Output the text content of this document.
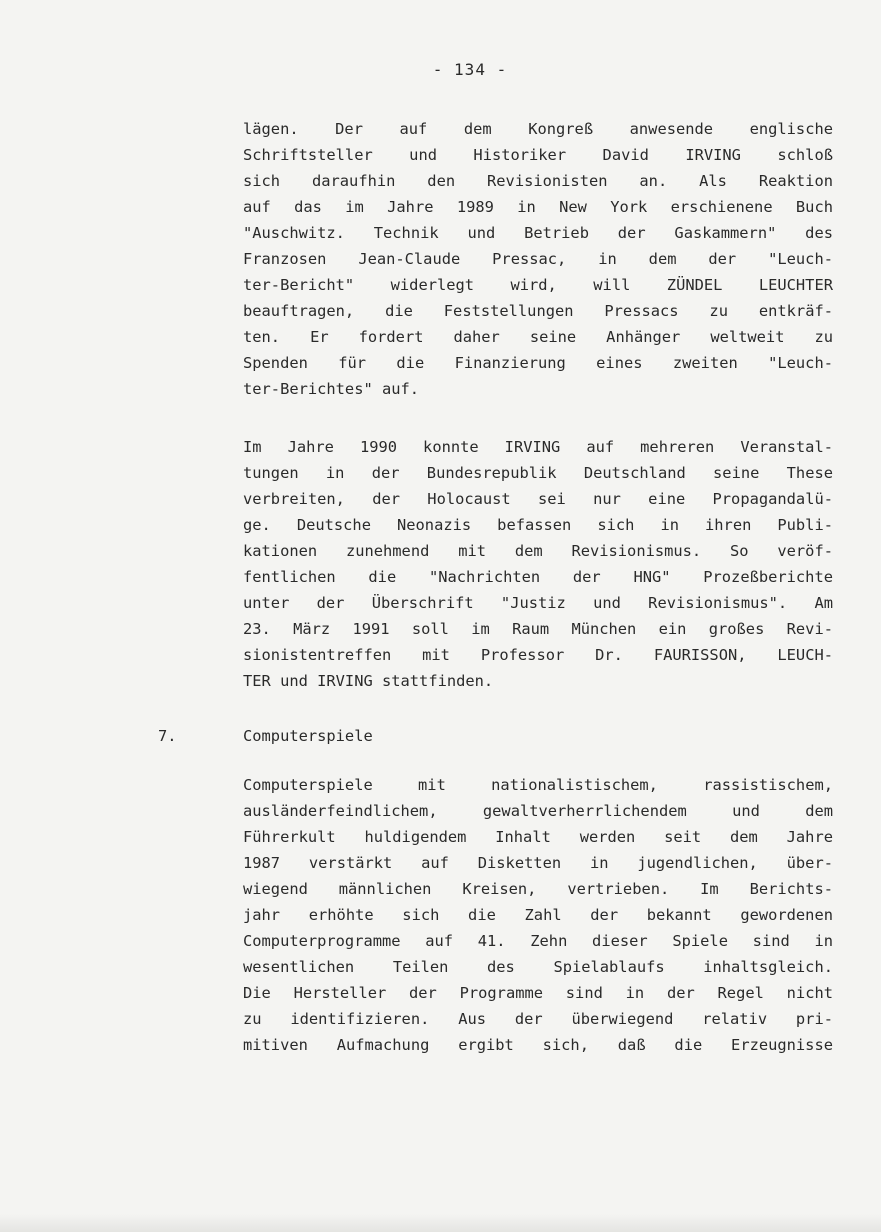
- 134 -
lägen. Der auf dem Kongreß anwesende englische
Schriftsteller und Historiker David IRVING schloß
sich daraufhin den Revisionisten an. Als Reaktion
auf das im Jahre 1989 in New York erschienene Buch
"Auschwitz. Technik und Betrieb der Gaskammern" des
Franzosen Jean-Claude Pressac, in dem der "Leuch-
ter-Bericht" widerlegt wird, will ZÜNDEL LEUCHTER
beauftragen, die Feststellungen Pressacs zu entkräf-
ten. Er fordert daher seine Anhänger weltweit zu
Spenden für die Finanzierung eines zweiten "Leuch-
ter-Berichtes" auf.
Im Jahre 1990 konnte IRVING auf mehreren Veranstal-
tungen in der Bundesrepublik Deutschland seine These
verbreiten, der Holocaust sei nur eine Propagandalü-
ge. Deutsche Neonazis befassen sich in ihren Publi-
kationen zunehmend mit dem Revisionismus. So veröf-
fentlichen die "Nachrichten der HNG" Prozeßberichte
unter der Überschrift "Justiz und Revisionismus". Am
23. März 1991 soll im Raum München ein großes Revi-
sionistentreffen mit Professor Dr. FAURISSON, LEUCH-
TER und IRVING stattfinden.
7.	Computerspiele
Computerspiele mit nationalistischem, rassistischem,
ausländerfeindlichem, gewaltverherrlichendem und dem
Führerkult huldigendem Inhalt werden seit dem Jahre
1987 verstärkt auf Disketten in jugendlichen, über-
wiegend männlichen Kreisen, vertrieben. Im Berichts-
jahr erhöhte sich die Zahl der bekannt gewordenen
Computerprogramme auf 41. Zehn dieser Spiele sind in
wesentlichen Teilen des Spielablaufs inhaltsgleich.
Die Hersteller der Programme sind in der Regel nicht
zu identifizieren. Aus der überwiegend relativ pri-
mitiven Aufmachung ergibt sich, daß die Erzeugnisse
